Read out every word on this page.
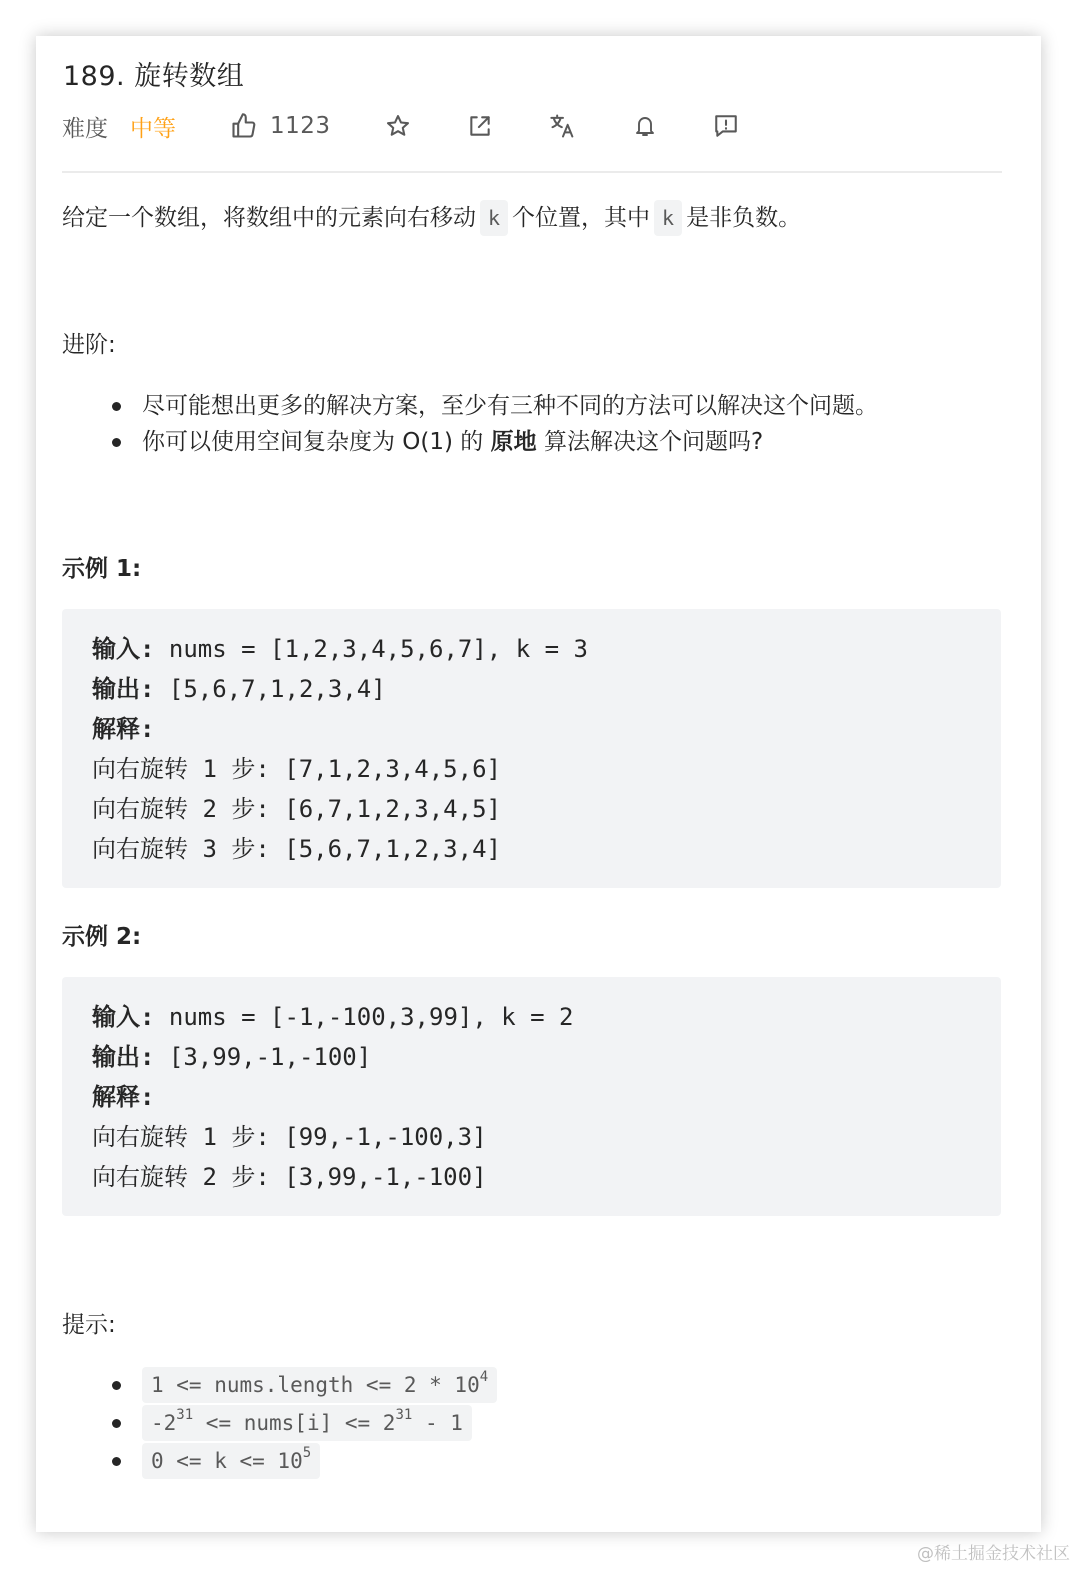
189. 旋转数组
难度 中等	1123

给定一个数组，将数组中的元素向右移动 k 个位置，其中 k 是非负数。

进阶:
尽可能想出更多的解决方案，至少有三种不同的方法可以解决这个问题。
你可以使用空间复杂度为 O(1) 的 原地 算法解决这个问题吗?
示例 1:
输入: nums = [1,2,3,4,5,6,7], k = 3
输出: [5,6,7,1,2,3,4]
解释:
向右旋转 1 步: [7,1,2,3,4,5,6]
向右旋转 2 步: [6,7,1,2,3,4,5]
向右旋转 3 步: [5,6,7,1,2,3,4]
示例 2:
输入: nums = [-1,-100,3,99], k = 2
输出: [3,99,-1,-100]
解释:
向右旋转 1 步: [99,-1,-100,3]
向右旋转 2 步: [3,99,-1,-100]
提示:
1 <= nums.length <= $2 * 10^4$
$-2^{31}$ <= nums[i] <= $2^{31} - 1$
$0 <= k <= 10^5$
@稀土掘金技术社区
